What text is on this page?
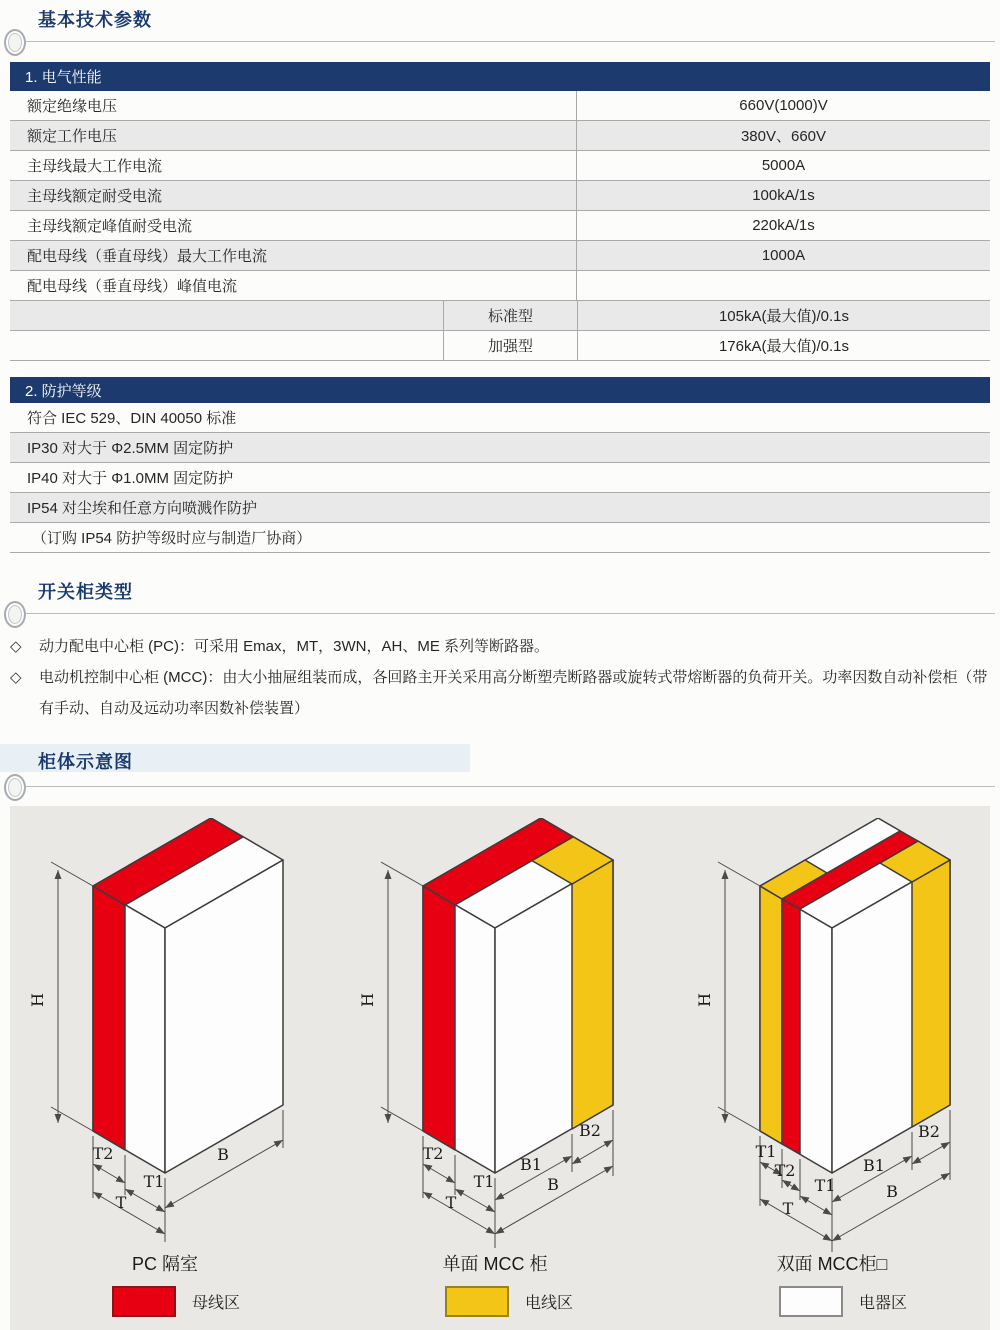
基本技术参数
1. 电气性能
额定绝缘电压	660V(1000)V
额定工作电压	380V、660V
主母线最大工作电流	5000A
主母线额定耐受电流	100kA/1s
主母线额定峰值耐受电流	220kA/1s
配电母线（垂直母线）最大工作电流	1000A
配电母线（垂直母线）峰值电流
标准型	105kA(最大值)/0.1s
加强型	176kA(最大值)/0.1s
2. 防护等级
符合 IEC 529、DIN 40050 标准
IP30 对大于 Φ2.5MM 固定防护
IP40 对大于 Φ1.0MM 固定防护
IP54 对尘埃和任意方向喷溅作防护
（订购 IP54 防护等级时应与制造厂协商）
开关柜类型
◇ 动力配电中心柜 (PC)：可采用 Emax，MT，3WN，AH、ME 系列等断路器。
◇ 电动机控制中心柜 (MCC)：由大小抽屉组装而成，各回路主开关采用高分断塑壳断路器或旋转式带熔断器的负荷开关。功率因数自动补偿柜（带有手动、自动及远动功率因数补偿装置）
柜体示意图
H
T2
T1
T
B
PC 隔室
H
T2
T1
B1
B2
T
B
单面 MCC 柜
H
T1
T2
T1
B1
B2
T
B
双面 MCC柜□
母线区	电线区	电器区
